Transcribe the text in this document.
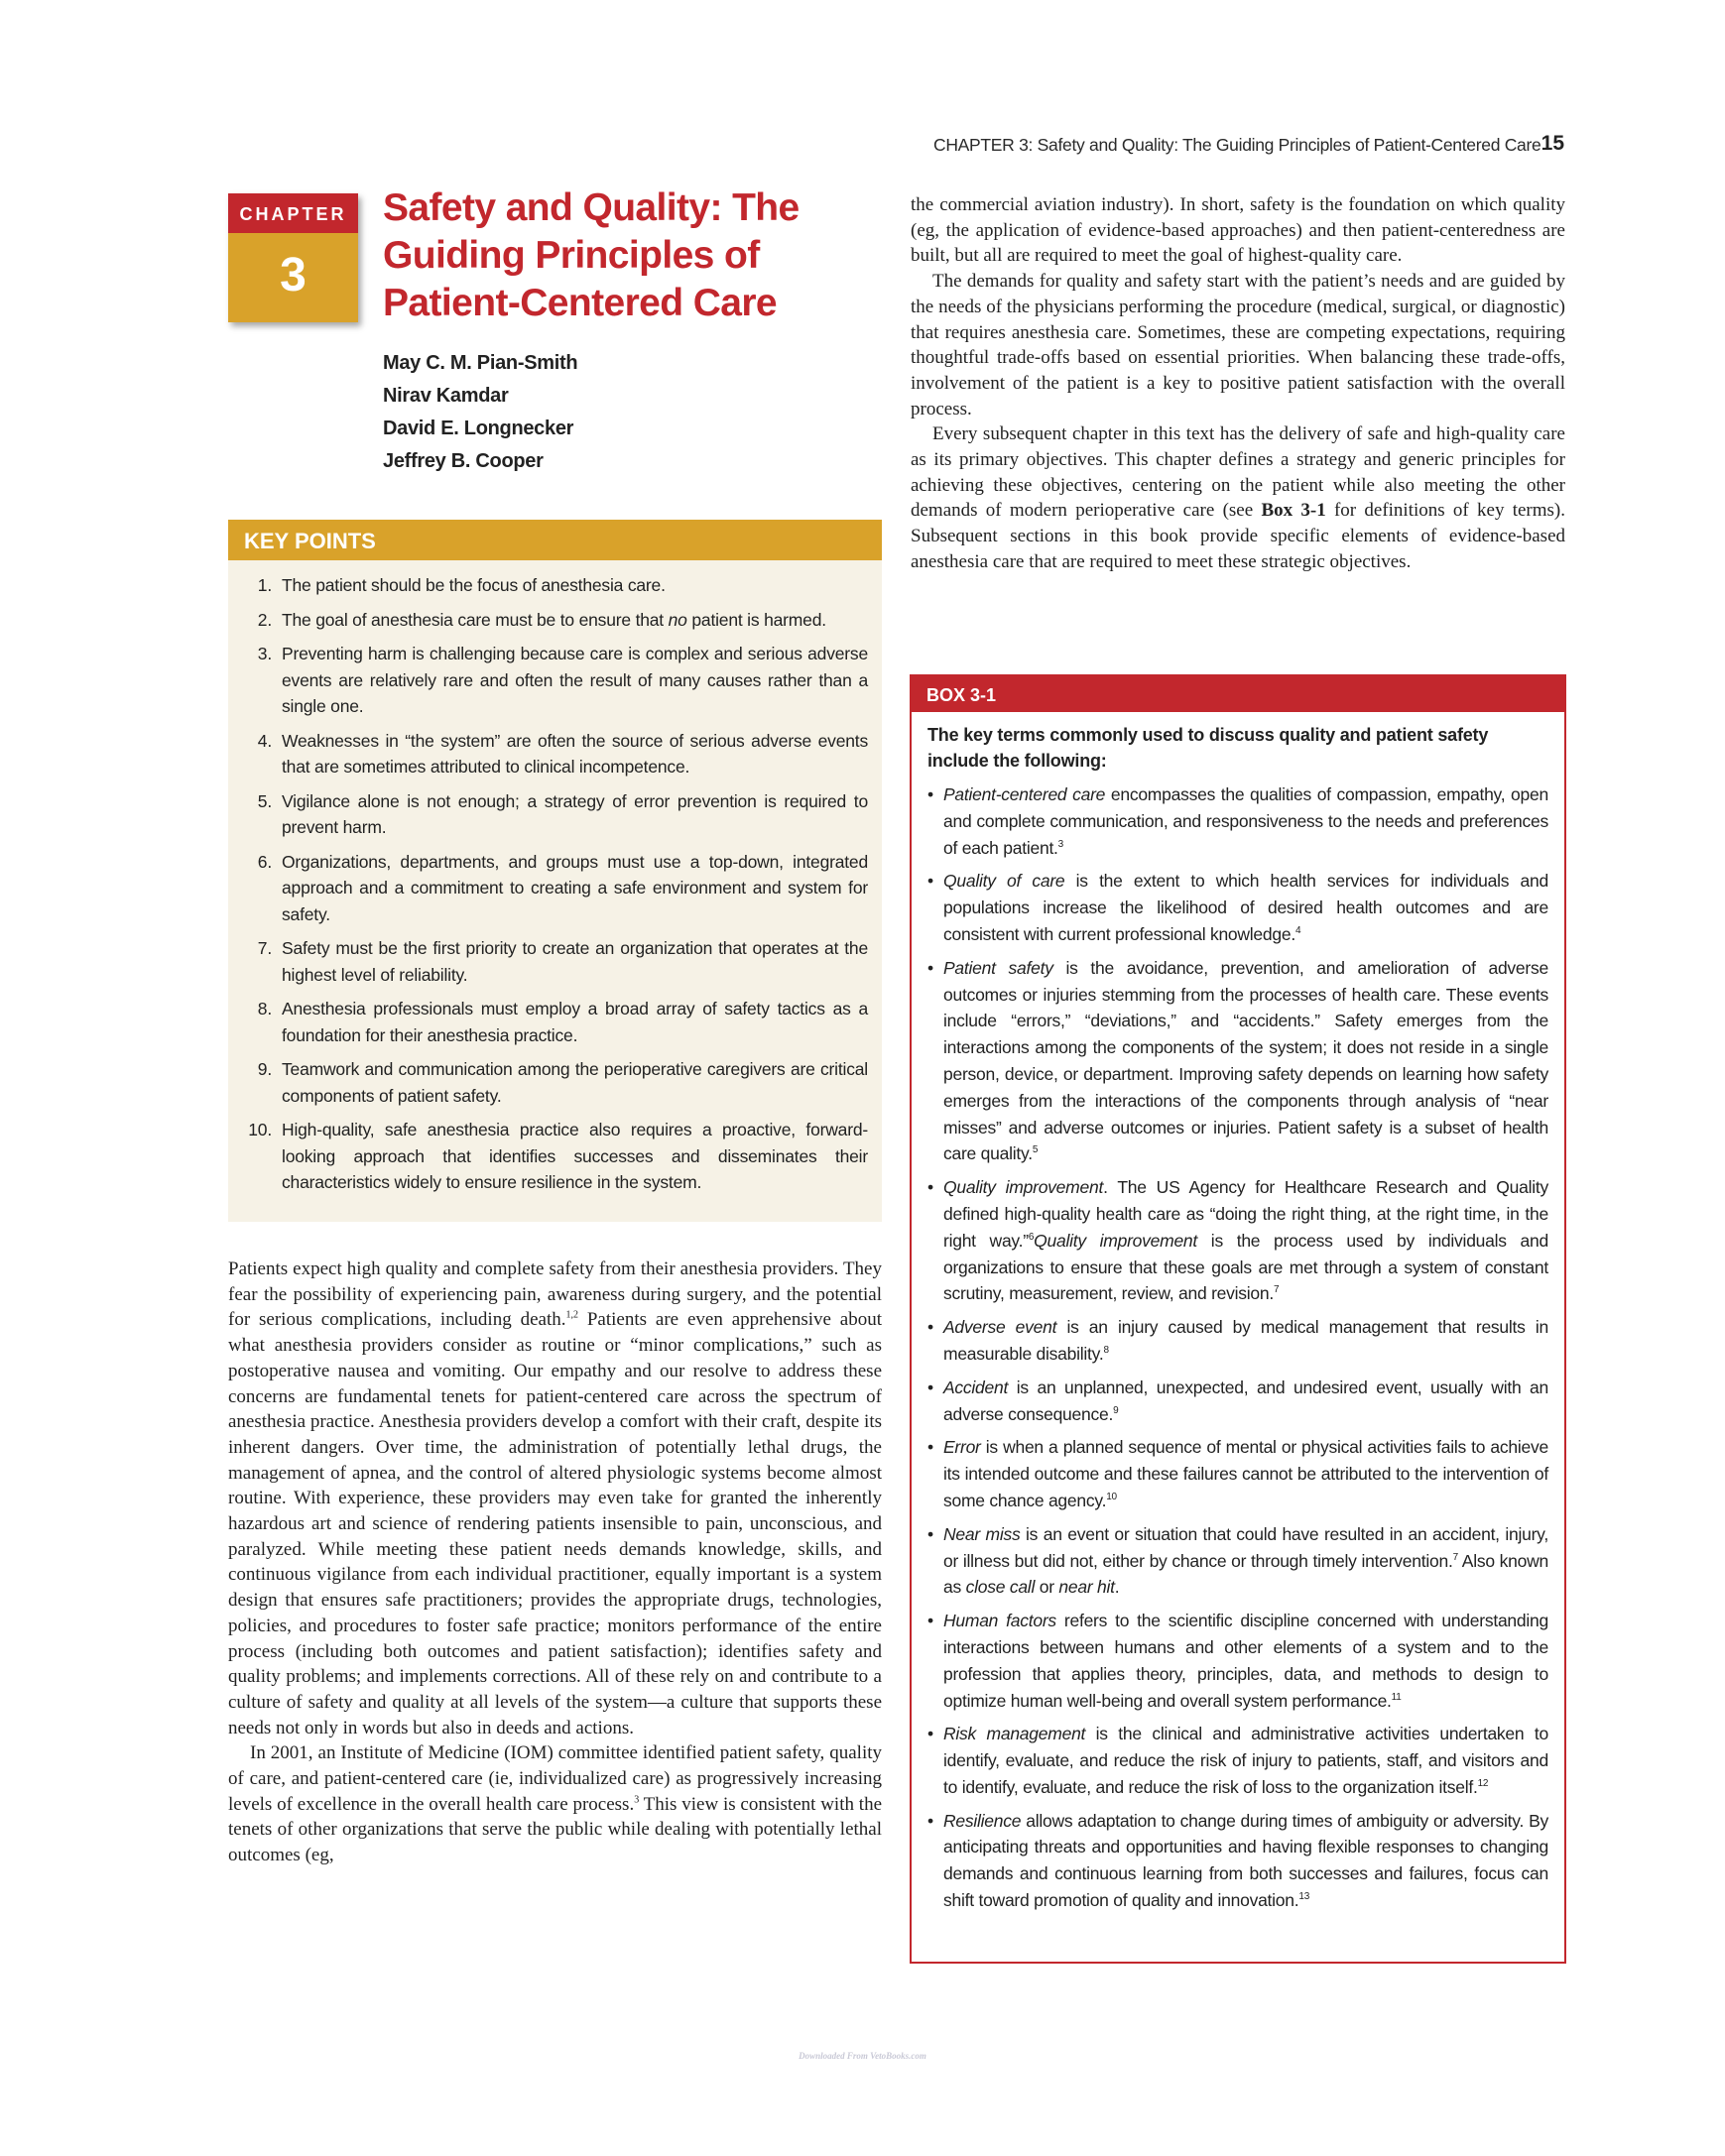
CHAPTER 3: Safety and Quality: The Guiding Principles of Patient-Centered Care 15
CHAPTER
3
Safety and Quality: The Guiding Principles of Patient-Centered Care
May C. M. Pian-Smith
Nirav Kamdar
David E. Longnecker
Jeffrey B. Cooper
KEY POINTS
1. The patient should be the focus of anesthesia care.
2. The goal of anesthesia care must be to ensure that no patient is harmed.
3. Preventing harm is challenging because care is complex and serious adverse events are relatively rare and often the result of many causes rather than a single one.
4. Weaknesses in “the system” are often the source of serious adverse events that are sometimes attributed to clinical incompetence.
5. Vigilance alone is not enough; a strategy of error prevention is required to prevent harm.
6. Organizations, departments, and groups must use a top-down, integrated approach and a commitment to creating a safe environment and system for safety.
7. Safety must be the first priority to create an organization that operates at the highest level of reliability.
8. Anesthesia professionals must employ a broad array of safety tactics as a foundation for their anesthesia practice.
9. Teamwork and communication among the perioperative caregivers are critical components of patient safety.
10. High-quality, safe anesthesia practice also requires a proactive, forward-looking approach that identifies successes and disseminates their characteristics widely to ensure resilience in the system.

Patients expect high quality and complete safety from their anesthesia providers. They fear the possibility of experiencing pain, awareness during surgery, and the potential for serious complications, including death.$^{1,2}$ Patients are even apprehensive about what anesthesia providers consider as routine or “minor complications,” such as postoperative nausea and vomiting. Our empathy and our resolve to address these concerns are fundamental tenets for patient-centered care across the spectrum of anesthesia practice. Anesthesia providers develop a comfort with their craft, despite its inherent dangers. Over time, the administration of potentially lethal drugs, the management of apnea, and the control of altered physiologic systems become almost routine. With experience, these providers may even take for granted the inherently hazardous art and science of rendering patients insensible to pain, unconscious, and paralyzed. While meeting these patient needs demands knowledge, skills, and continuous vigilance from each individual practitioner, equally important is a system design that ensures safe practitioners; provides the appropriate drugs, technologies, policies, and procedures to foster safe practice; monitors performance of the entire process (including both outcomes and patient satisfaction); identifies safety and quality problems; and implements corrections. All of these rely on and contribute to a culture of safety and quality at all levels of the system—a culture that supports these needs not only in words but also in deeds and actions.

In 2001, an Institute of Medicine (IOM) committee identified patient safety, quality of care, and patient-centered care (ie, individualized care) as progressively increasing levels of excellence in the overall health care process.$^3$ This view is consistent with the tenets of other organizations that serve the public while dealing with potentially lethal outcomes (eg,

the commercial aviation industry). In short, safety is the foundation on which quality (eg, the application of evidence-based approaches) and then patient-centeredness are built, but all are required to meet the goal of highest-quality care.

The demands for quality and safety start with the patient’s needs and are guided by the needs of the physicians performing the procedure (medical, surgical, or diagnostic) that requires anesthesia care. Sometimes, these are competing expectations, requiring thoughtful trade-offs based on essential priorities. When balancing these trade-offs, involvement of the patient is a key to positive patient satisfaction with the overall process.

Every subsequent chapter in this text has the delivery of safe and high-quality care as its primary objectives. This chapter defines a strategy and generic principles for achieving these objectives, centering on the patient while also meeting the other demands of modern perioperative care (see Box 3-1 for definitions of key terms). Subsequent sections in this book provide specific elements of evidence-based anesthesia care that are required to meet these strategic objectives.

BOX 3-1
The key terms commonly used to discuss quality and patient safety include the following:
• Patient-centered care encompasses the qualities of compassion, empathy, open and complete communication, and responsiveness to the needs and preferences of each patient.$^3$
• Quality of care is the extent to which health services for individuals and populations increase the likelihood of desired health outcomes and are consistent with current professional knowledge.$^4$
• Patient safety is the avoidance, prevention, and amelioration of adverse outcomes or injuries stemming from the processes of health care. These events include “errors,” “deviations,” and “accidents.” Safety emerges from the interactions among the components of the system; it does not reside in a single person, device, or department. Improving safety depends on learning how safety emerges from the interactions of the components through analysis of “near misses” and adverse outcomes or injuries. Patient safety is a subset of health care quality.$^5$
• Quality improvement. The US Agency for Healthcare Research and Quality defined high-quality health care as “doing the right thing, at the right time, in the right way.”$^6$Quality improvement is the process used by individuals and organizations to ensure that these goals are met through a system of constant scrutiny, measurement, review, and revision.$^7$
• Adverse event is an injury caused by medical management that results in measurable disability.$^8$
• Accident is an unplanned, unexpected, and undesired event, usually with an adverse consequence.$^9$
• Error is when a planned sequence of mental or physical activities fails to achieve its intended outcome and these failures cannot be attributed to the intervention of some chance agency.$^{10}$
• Near miss is an event or situation that could have resulted in an accident, injury, or illness but did not, either by chance or through timely intervention.$^7$ Also known as close call or near hit.
• Human factors refers to the scientific discipline concerned with understanding interactions between humans and other elements of a system and to the profession that applies theory, principles, data, and methods to design to optimize human well-being and overall system performance.$^{11}$
• Risk management is the clinical and administrative activities undertaken to identify, evaluate, and reduce the risk of injury to patients, staff, and visitors and to identify, evaluate, and reduce the risk of loss to the organization itself.$^{12}$
• Resilience allows adaptation to change during times of ambiguity or adversity. By anticipating threats and opportunities and having flexible responses to changing demands and continuous learning from both successes and failures, focus can shift toward promotion of quality and innovation.$^{13}$
Downloaded From VetoBooks.com
